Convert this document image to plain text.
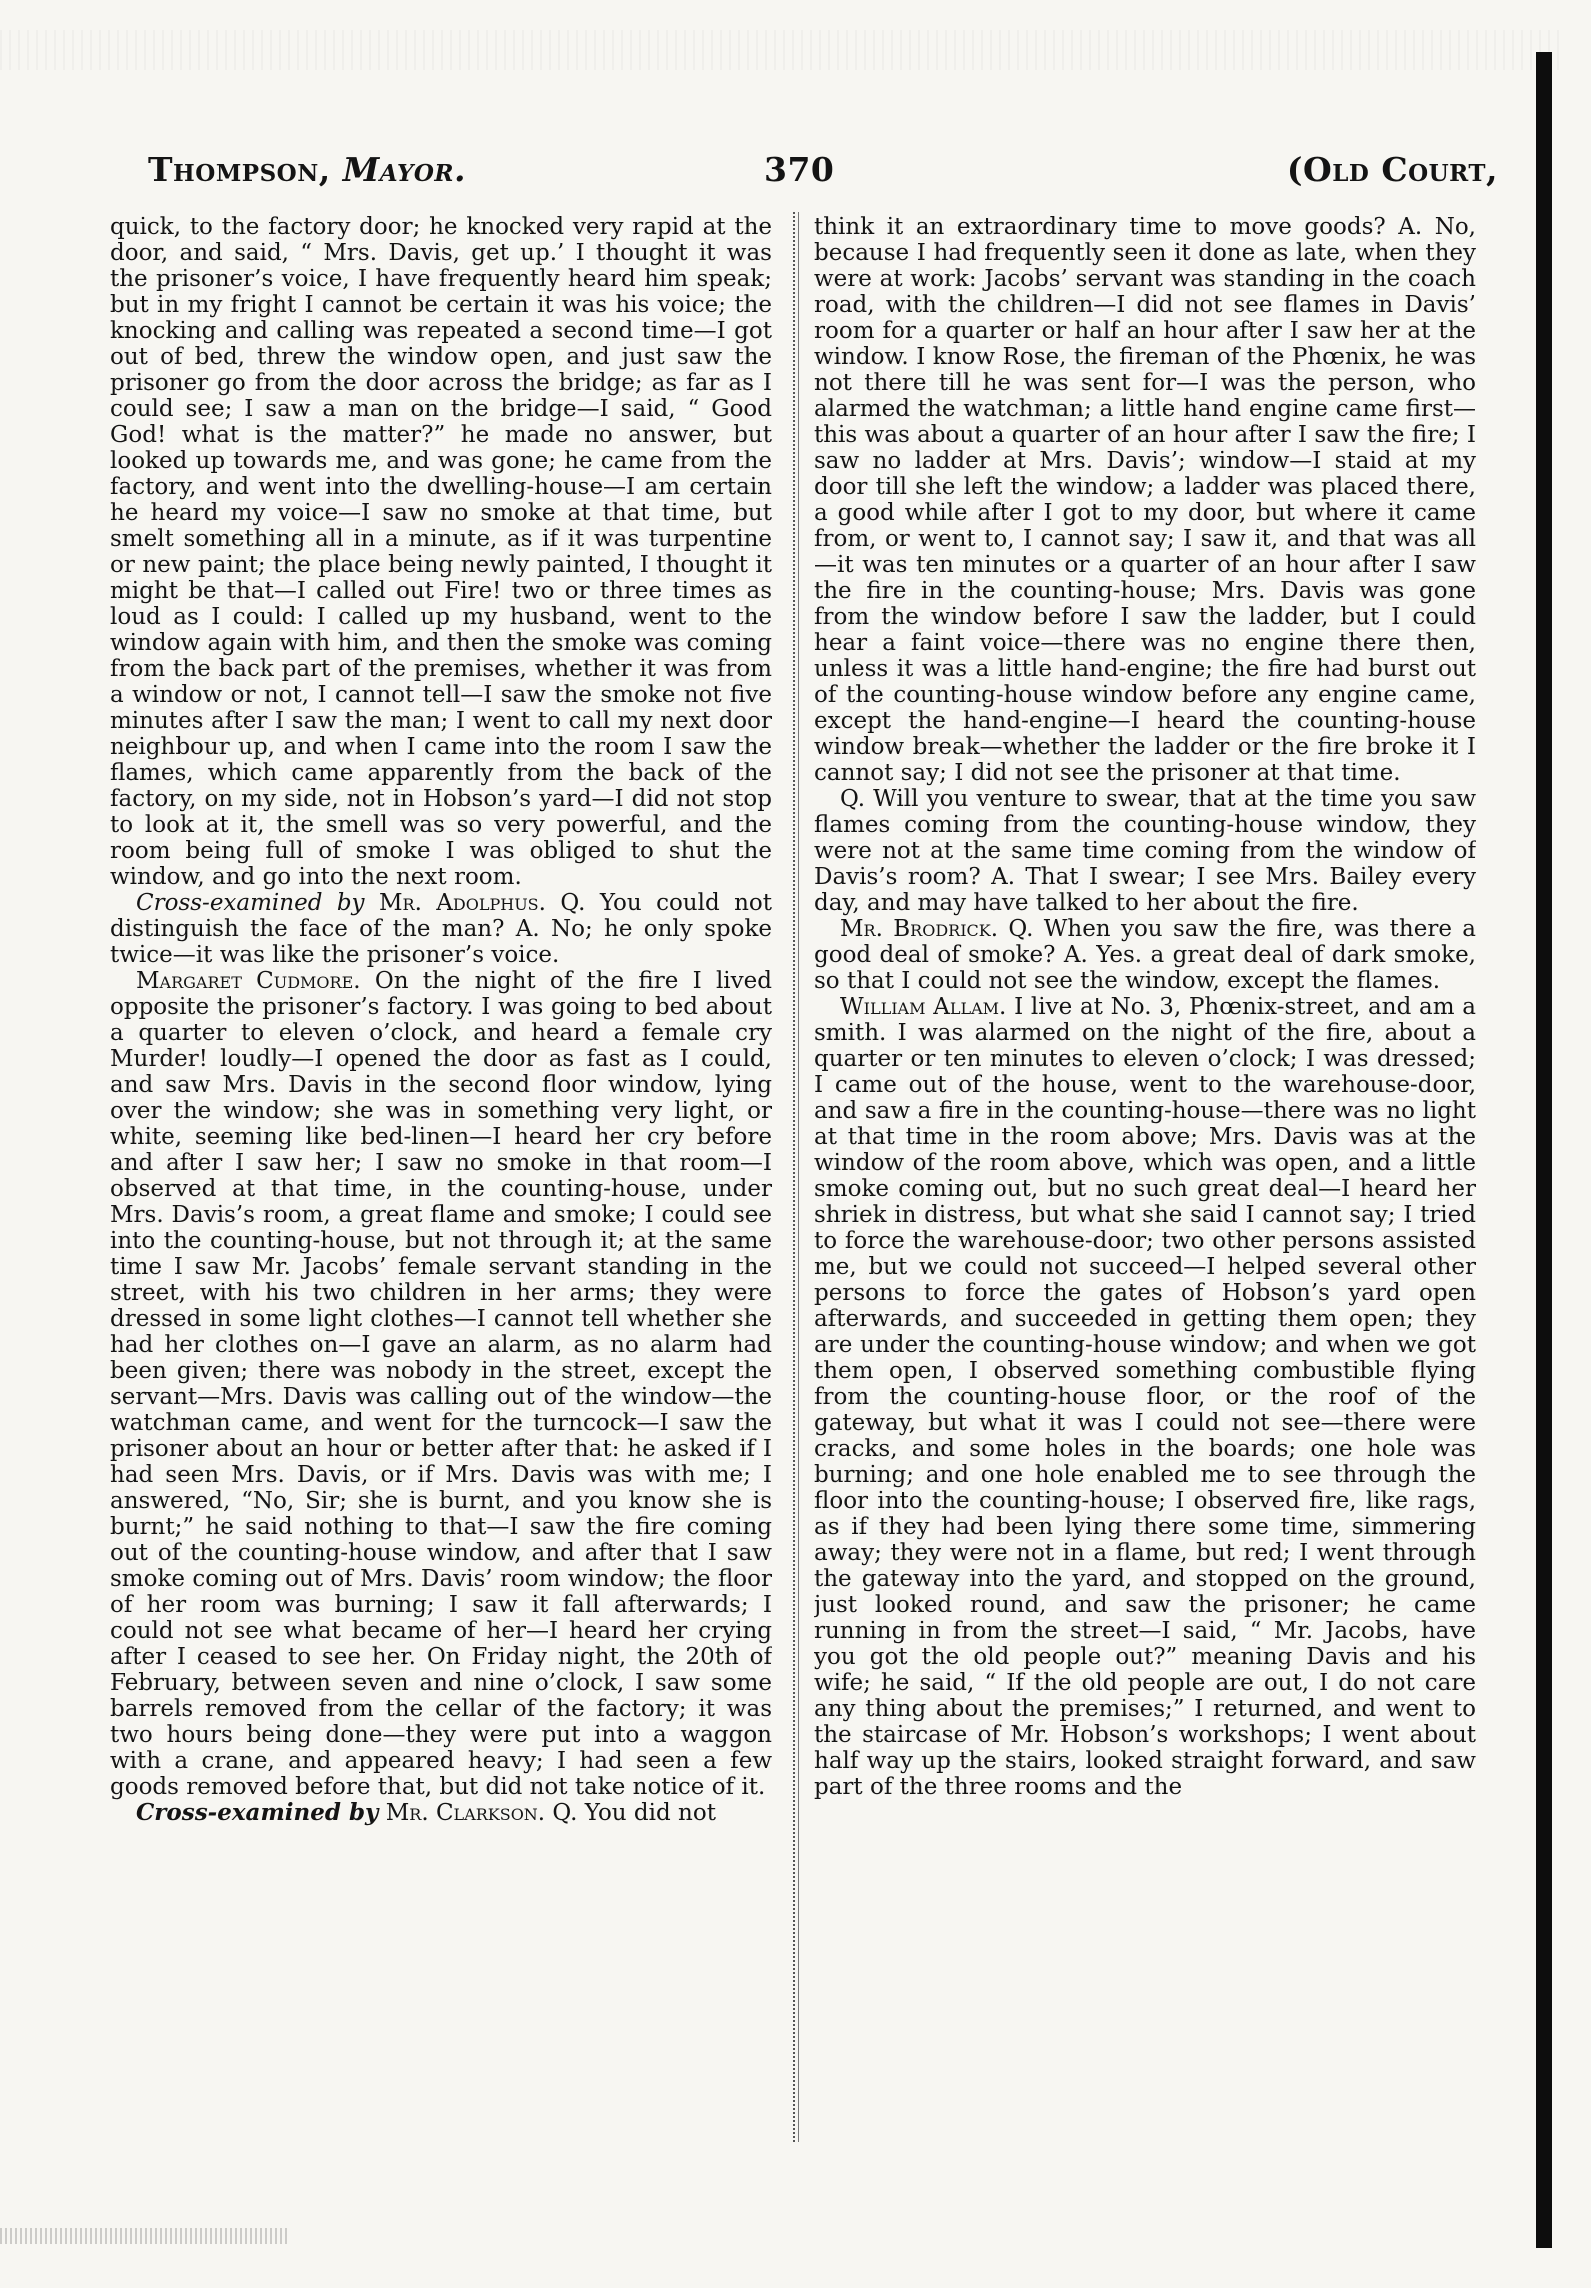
Thompson, Mayor.	370	(Old Court,

quick, to the factory door; he knocked very rapid at the door, and said, “ Mrs. Davis, get up.’ I thought it was the prisoner’s voice, I have frequently heard him speak; but in my fright I cannot be certain it was his voice; the knocking and calling was repeated a second time—I got out of bed, threw the window open, and just saw the prisoner go from the door across the bridge; as far as I could see; I saw a man on the bridge—I said, “ Good God! what is the matter?” he made no answer, but looked up towards me, and was gone; he came from the factory, and went into the dwelling-house—I am certain he heard my voice—I saw no smoke at that time, but smelt something all in a minute, as if it was turpentine or new paint; the place being newly painted, I thought it might be that—I called out Fire! two or three times as loud as I could: I called up my husband, went to the window again with him, and then the smoke was coming from the back part of the premises, whether it was from a window or not, I cannot tell—I saw the smoke not five minutes after I saw the man; I went to call my next door neighbour up, and when I came into the room I saw the flames, which came apparently from the back of the factory, on my side, not in Hobson’s yard—I did not stop to look at it, the smell was so very powerful, and the room being full of smoke I was obliged to shut the window, and go into the next room.

Cross-examined by Mr. Adolphus. Q. You could not distinguish the face of the man? A. No; he only spoke twice—it was like the prisoner’s voice.

Margaret Cudmore. On the night of the fire I lived opposite the prisoner’s factory. I was going to bed about a quarter to eleven o’clock, and heard a female cry Murder! loudly—I opened the door as fast as I could, and saw Mrs. Davis in the second floor window, lying over the window; she was in something very light, or white, seeming like bed-linen—I heard her cry before and after I saw her; I saw no smoke in that room—I observed at that time, in the counting-house, under Mrs. Davis’s room, a great flame and smoke; I could see into the counting-house, but not through it; at the same time I saw Mr. Jacobs’ female servant standing in the street, with his two children in her arms; they were dressed in some light clothes—I cannot tell whether she had her clothes on—I gave an alarm, as no alarm had been given; there was nobody in the street, except the servant—Mrs. Davis was calling out of the window—the watchman came, and went for the turncock—I saw the prisoner about an hour or better after that: he asked if I had seen Mrs. Davis, or if Mrs. Davis was with me; I answered, “No, Sir; she is burnt, and you know she is burnt;” he said nothing to that—I saw the fire coming out of the counting-house window, and after that I saw smoke coming out of Mrs. Davis’ room window; the floor of her room was burning; I saw it fall afterwards; I could not see what became of her—I heard her crying after I ceased to see her. On Friday night, the 20th of February, between seven and nine o’clock, I saw some barrels removed from the cellar of the factory; it was two hours being done—they were put into a waggon with a crane, and appeared heavy; I had seen a few goods removed before that, but did not take notice of it.

Cross-examined by Mr. Clarkson. Q. You did not

think it an extraordinary time to move goods? A. No, because I had frequently seen it done as late, when they were at work: Jacobs’ servant was standing in the coach road, with the children—I did not see flames in Davis’ room for a quarter or half an hour after I saw her at the window. I know Rose, the fireman of the Phœnix, he was not there till he was sent for—I was the person, who alarmed the watchman; a little hand engine came first—this was about a quarter of an hour after I saw the fire; I saw no ladder at Mrs. Davis’; window—I staid at my door till she left the window; a ladder was placed there, a good while after I got to my door, but where it came from, or went to, I cannot say; I saw it, and that was all—it was ten minutes or a quarter of an hour after I saw the fire in the counting-house; Mrs. Davis was gone from the window before I saw the ladder, but I could hear a faint voice—there was no engine there then, unless it was a little hand-engine; the fire had burst out of the counting-house window before any engine came, except the hand-engine—I heard the counting-house window break—whether the ladder or the fire broke it I cannot say; I did not see the prisoner at that time.

Q. Will you venture to swear, that at the time you saw flames coming from the counting-house window, they were not at the same time coming from the window of Davis’s room? A. That I swear; I see Mrs. Bailey every day, and may have talked to her about the fire.

Mr. Brodrick. Q. When you saw the fire, was there a good deal of smoke? A. Yes. a great deal of dark smoke, so that I could not see the window, except the flames.

William Allam. I live at No. 3, Phœnix-street, and am a smith. I was alarmed on the night of the fire, about a quarter or ten minutes to eleven o’clock; I was dressed; I came out of the house, went to the warehouse-door, and saw a fire in the counting-house—there was no light at that time in the room above; Mrs. Davis was at the window of the room above, which was open, and a little smoke coming out, but no such great deal—I heard her shriek in distress, but what she said I cannot say; I tried to force the warehouse-door; two other persons assisted me, but we could not succeed—I helped several other persons to force the gates of Hobson’s yard open afterwards, and succeeded in getting them open; they are under the counting-house window; and when we got them open, I observed something combustible flying from the counting-house floor, or the roof of the gateway, but what it was I could not see—there were cracks, and some holes in the boards; one hole was burning; and one hole enabled me to see through the floor into the counting-house; I observed fire, like rags, as if they had been lying there some time, simmering away; they were not in a flame, but red; I went through the gateway into the yard, and stopped on the ground, just looked round, and saw the prisoner; he came running in from the street—I said, “ Mr. Jacobs, have you got the old people out?” meaning Davis and his wife; he said, “ If the old people are out, I do not care any thing about the premises;” I returned, and went to the staircase of Mr. Hobson’s workshops; I went about half way up the stairs, looked straight forward, and saw part of the three rooms and the
